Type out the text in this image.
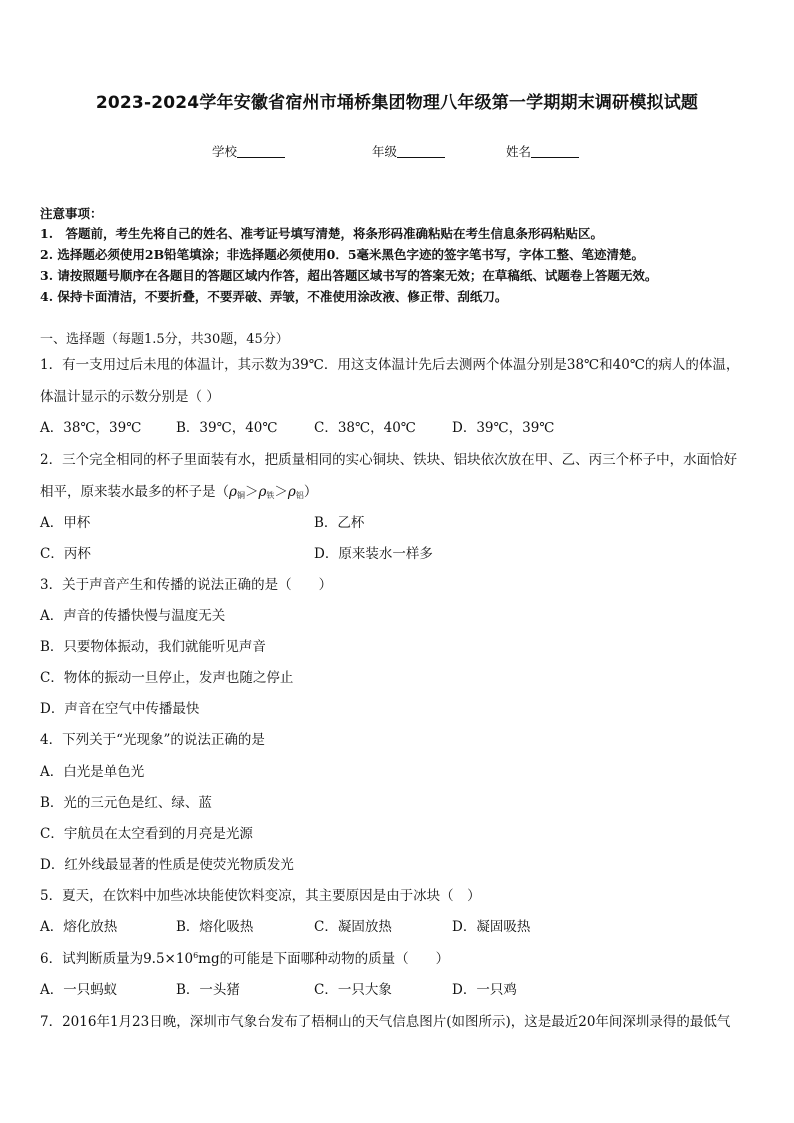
2023-2024学年安徽省宿州市埇桥集团物理八年级第一学期期末调研模拟试题
学校	年级	姓名
注意事项：
1.　答题前，考生先将自己的姓名、准考证号填写清楚，将条形码准确粘贴在考生信息条形码粘贴区。
2. 选择题必须使用2B铅笔填涂；非选择题必须使用0．5毫米黑色字迹的签字笔书写，字体工整、笔迹清楚。
3. 请按照题号顺序在各题目的答题区域内作答，超出答题区域书写的答案无效；在草稿纸、试题卷上答题无效。
4. 保持卡面清洁，不要折叠，不要弄破、弄皱，不准使用涂改液、修正带、刮纸刀。
一、选择题（每题1.5分，共30题，45分）
1．有一支用过后未甩的体温计，其示数为39℃．用这支体温计先后去测两个体温分别是38℃和40℃的病人的体温，
体温计显示的示数分别是（ ）
A．38℃，39℃	B．39℃，40℃	C．38℃，40℃	D．39℃，39℃
2．三个完全相同的杯子里面装有水，把质量相同的实心铜块、铁块、铝块依次放在甲、乙、丙三个杯子中，水面恰好
相平，原来装水最多的杯子是$(\rho_铜>\rho_铁>\rho_铝)$
A．甲杯	B．乙杯
C．丙杯	D．原来装水一样多
3．关于声音产生和传播的说法正确的是（　　）
A．声音的传播快慢与温度无关
B．只要物体振动，我们就能听见声音
C．物体的振动一旦停止，发声也随之停止
D．声音在空气中传播最快
4．下列关于“光现象”的说法正确的是
A．白光是单色光
B．光的三元色是红、绿、蓝
C．宇航员在太空看到的月亮是光源
D．红外线最显著的性质是使荧光物质发光
5．夏天，在饮料中加些冰块能使饮料变凉，其主要原因是由于冰块（　）
A．熔化放热	B．熔化吸热	C．凝固放热	D．凝固吸热
6．试判断质量为$9.5\times 10^6mg$的可能是下面哪种动物的质量（　　）
A．一只蚂蚁	B．一头猪	C．一只大象	D．一只鸡
7．2016年1月23日晚，深圳市气象台发布了梧桐山的天气信息图片(如图所示)，这是最近20年间深圳录得的最低气
